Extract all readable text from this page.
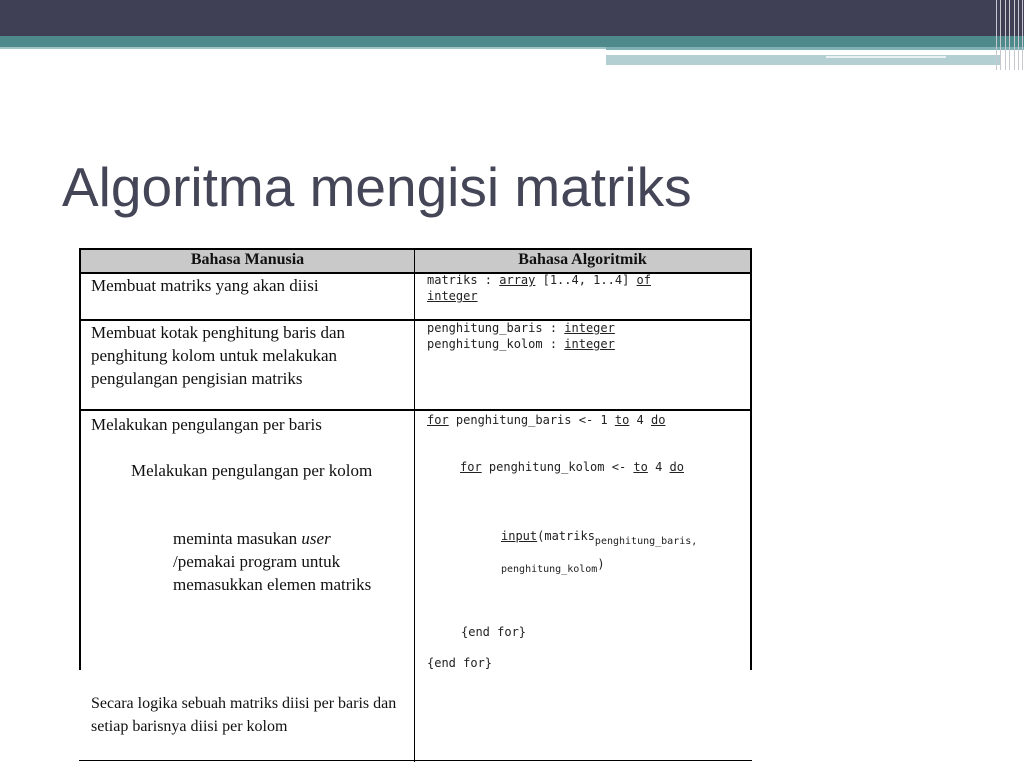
Algoritma mengisi matriks
Bahasa Manusia	Bahasa Algoritmik
Membuat matriks yang akan diisi	matriks : array [1..4, 1..4] of
integer
Membuat kotak penghitung baris dan penghitung kolom untuk melakukan pengulangan pengisian matriks
penghitung_baris : integer
penghitung_kolom : integer
Melakukan pengulangan per baris
Melakukan pengulangan per kolom
meminta masukan user /pemakai program untuk memasukkan elemen matriks
for penghitung_baris <- 1 to 4 do
for penghitung_kolom <- to 4 do
input(matriks$_{penghitung\_baris,}$
$_{penghitung\_kolom}$)
{end for}
{end for}
Secara logika sebuah matriks diisi per baris dan setiap barisnya diisi per kolom
